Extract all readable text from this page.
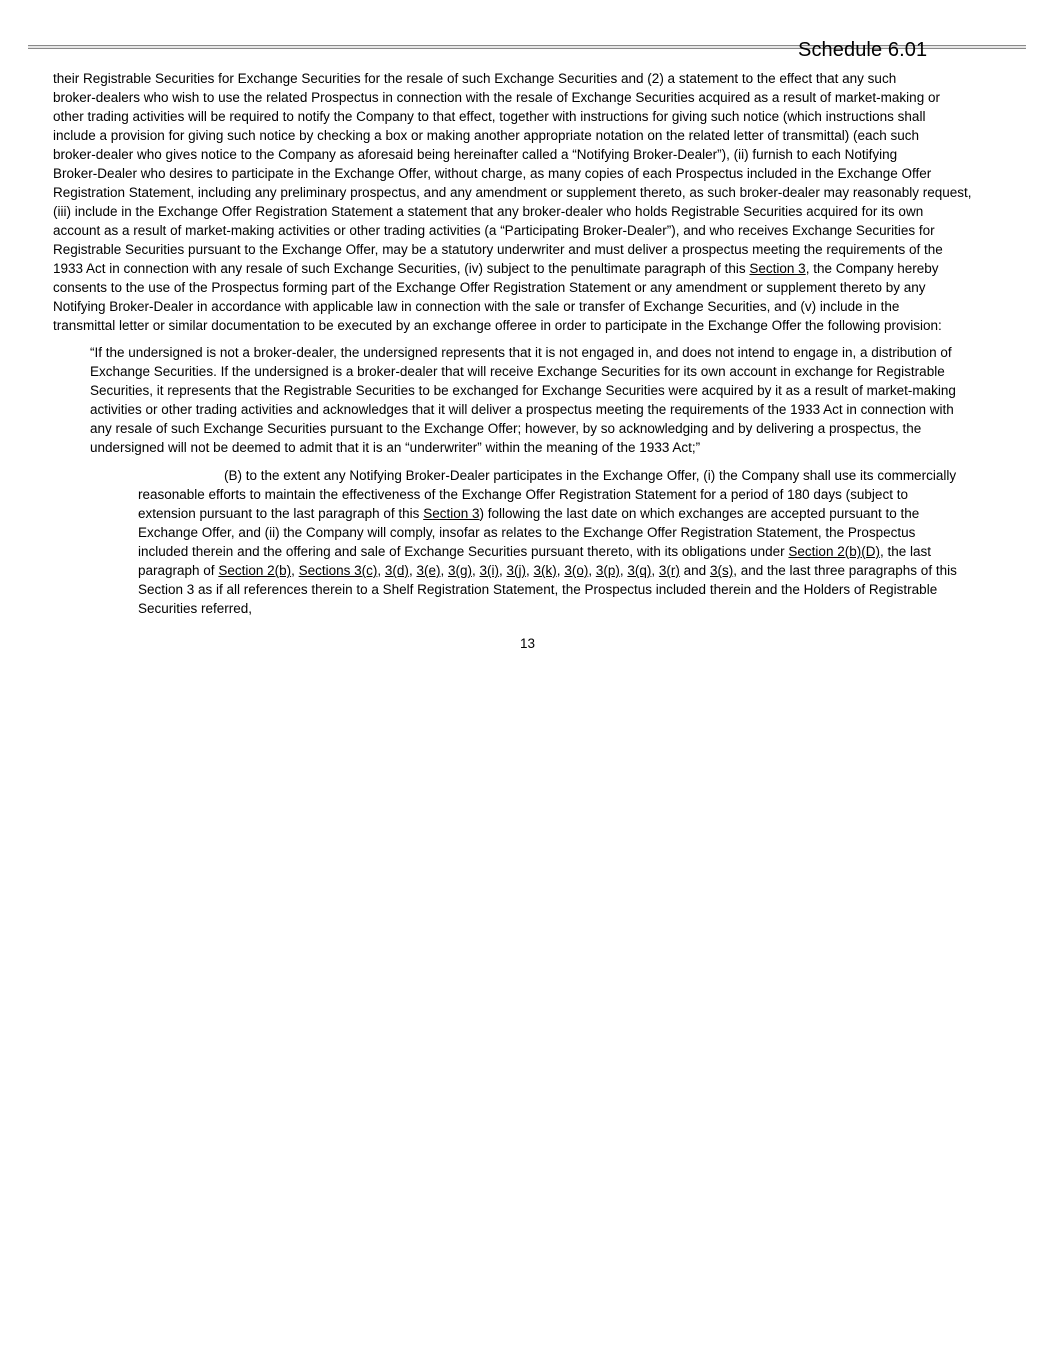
Schedule 6.01

their Registrable Securities for Exchange Securities for the resale of such Exchange Securities and (2) a statement to the effect that any such
broker-dealers who wish to use the related Prospectus in connection with the resale of Exchange Securities acquired as a result of market-making or
other trading activities will be required to notify the Company to that effect, together with instructions for giving such notice (which instructions shall
include a provision for giving such notice by checking a box or making another appropriate notation on the related letter of transmittal) (each such
broker-dealer who gives notice to the Company as aforesaid being hereinafter called a “Notifying Broker-Dealer”), (ii) furnish to each Notifying
Broker-Dealer who desires to participate in the Exchange Offer, without charge, as many copies of each Prospectus included in the Exchange Offer
Registration Statement, including any preliminary prospectus, and any amendment or supplement thereto, as such broker-dealer may reasonably request,
(iii) include in the Exchange Offer Registration Statement a statement that any broker-dealer who holds Registrable Securities acquired for its own
account as a result of market-making activities or other trading activities (a “Participating Broker-Dealer”), and who receives Exchange Securities for
Registrable Securities pursuant to the Exchange Offer, may be a statutory underwriter and must deliver a prospectus meeting the requirements of the
1933 Act in connection with any resale of such Exchange Securities, (iv) subject to the penultimate paragraph of this Section 3, the Company hereby
consents to the use of the Prospectus forming part of the Exchange Offer Registration Statement or any amendment or supplement thereto by any
Notifying Broker-Dealer in accordance with applicable law in connection with the sale or transfer of Exchange Securities, and (v) include in the
transmittal letter or similar documentation to be executed by an exchange offeree in order to participate in the Exchange Offer the following provision:

“If the undersigned is not a broker-dealer, the undersigned represents that it is not engaged in, and does not intend to engage in, a distribution of
Exchange Securities. If the undersigned is a broker-dealer that will receive Exchange Securities for its own account in exchange for Registrable
Securities, it represents that the Registrable Securities to be exchanged for Exchange Securities were acquired by it as a result of market-making
activities or other trading activities and acknowledges that it will deliver a prospectus meeting the requirements of the 1933 Act in connection with
any resale of such Exchange Securities pursuant to the Exchange Offer; however, by so acknowledging and by delivering a prospectus, the
undersigned will not be deemed to admit that it is an “underwriter” within the meaning of the 1933 Act;”

(B) to the extent any Notifying Broker-Dealer participates in the Exchange Offer, (i) the Company shall use its commercially
reasonable efforts to maintain the effectiveness of the Exchange Offer Registration Statement for a period of 180 days (subject to
extension pursuant to the last paragraph of this Section 3) following the last date on which exchanges are accepted pursuant to the
Exchange Offer, and (ii) the Company will comply, insofar as relates to the Exchange Offer Registration Statement, the Prospectus
included therein and the offering and sale of Exchange Securities pursuant thereto, with its obligations under Section 2(b)(D), the last
paragraph of Section 2(b), Sections 3(c), 3(d), 3(e), 3(g), 3(i), 3(j), 3(k), 3(o), 3(p), 3(q), 3(r) and 3(s), and the last three paragraphs of this
Section 3 as if all references therein to a Shelf Registration Statement, the Prospectus included therein and the Holders of Registrable
Securities referred,

13
